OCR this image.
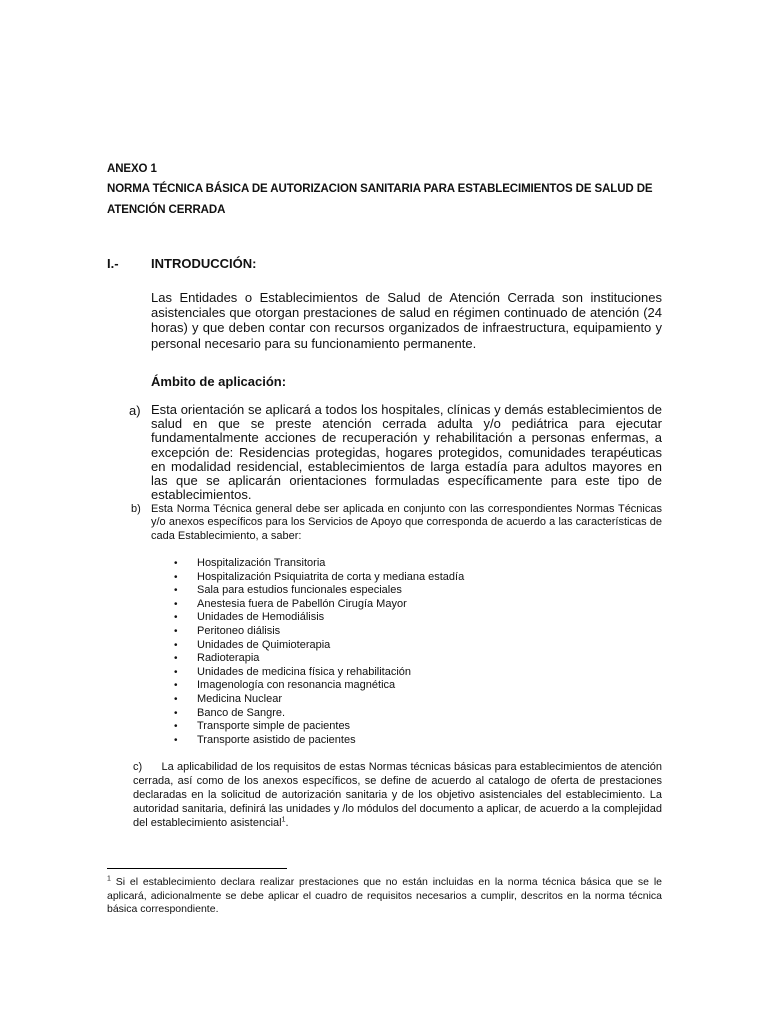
ANEXO 1
NORMA TÉCNICA BÁSICA DE AUTORIZACION SANITARIA PARA ESTABLECIMIENTOS DE SALUD DE
ATENCIÓN CERRADA
I.- INTRODUCCIÓN:
Las Entidades o Establecimientos de Salud de Atención Cerrada son instituciones asistenciales que otorgan prestaciones de salud en régimen continuado de atención (24 horas) y que deben contar con recursos organizados de infraestructura, equipamiento y personal necesario para su funcionamiento permanente.
Ámbito de aplicación:
a) Esta orientación se aplicará a todos los hospitales, clínicas y demás establecimientos de salud en que se preste atención cerrada adulta y/o pediátrica para ejecutar fundamentalmente acciones de recuperación y rehabilitación a personas enfermas, a excepción de: Residencias protegidas, hogares protegidos, comunidades terapéuticas en modalidad residencial, establecimientos de larga estadía para adultos mayores en las que se aplicarán orientaciones formuladas específicamente para este tipo de establecimientos.
b) Esta Norma Técnica general debe ser aplicada en conjunto con las correspondientes Normas Técnicas y/o anexos específicos para los Servicios de Apoyo que corresponda de acuerdo a las características de cada Establecimiento, a saber:
• Hospitalización Transitoria
• Hospitalización Psiquiatrita de corta y mediana estadía
• Sala para estudios funcionales especiales
• Anestesia fuera de Pabellón Cirugía Mayor
• Unidades de Hemodiálisis
• Peritoneo diálisis
• Unidades de Quimioterapia
• Radioterapia
• Unidades de medicina física y rehabilitación
• Imagenología con resonancia magnética
• Medicina Nuclear
• Banco de Sangre.
• Transporte simple de pacientes
• Transporte asistido de pacientes
c) La aplicabilidad de los requisitos de estas Normas técnicas básicas para establecimientos de atención cerrada, así como de los anexos específicos, se define de acuerdo al catalogo de oferta de prestaciones declaradas en la solicitud de autorización sanitaria y de los objetivo asistenciales del establecimiento. La autoridad sanitaria, definirá las unidades y /lo módulos del documento a aplicar, de acuerdo a la complejidad del establecimiento asistencial$^1$.
$^1$ Si el establecimiento declara realizar prestaciones que no están incluidas en la norma técnica básica que se le aplicará, adicionalmente se debe aplicar el cuadro de requisitos necesarios a cumplir, descritos en la norma técnica básica correspondiente.
